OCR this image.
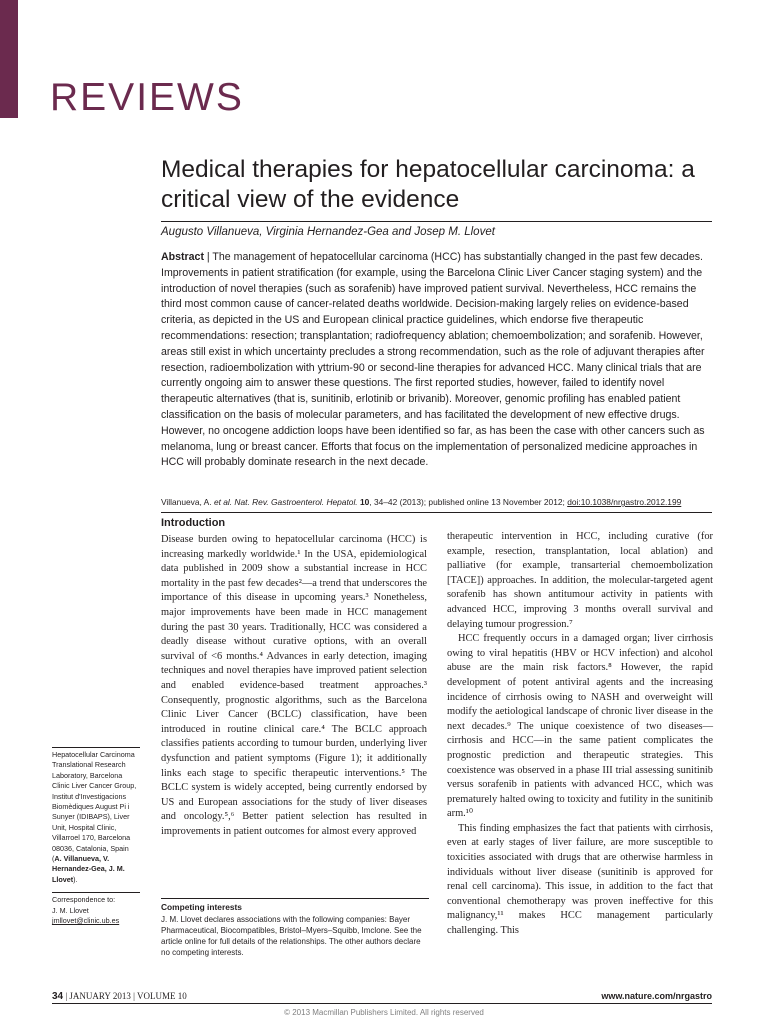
REVIEWS
Medical therapies for hepatocellular carcinoma: a critical view of the evidence
Augusto Villanueva, Virginia Hernandez-Gea and Josep M. Llovet

Abstract | The management of hepatocellular carcinoma (HCC) has substantially changed in the past few decades. Improvements in patient stratification (for example, using the Barcelona Clinic Liver Cancer staging system) and the introduction of novel therapies (such as sorafenib) have improved patient survival. Nevertheless, HCC remains the third most common cause of cancer-related deaths worldwide. Decision-making largely relies on evidence-based criteria, as depicted in the US and European clinical practice guidelines, which endorse five therapeutic recommendations: resection; transplantation; radiofrequency ablation; chemoembolization; and sorafenib. However, areas still exist in which uncertainty precludes a strong recommendation, such as the role of adjuvant therapies after resection, radioembolization with yttrium-90 or second-line therapies for advanced HCC. Many clinical trials that are currently ongoing aim to answer these questions. The first reported studies, however, failed to identify novel therapeutic alternatives (that is, sunitinib, erlotinib or brivanib). Moreover, genomic profiling has enabled patient classification on the basis of molecular parameters, and has facilitated the development of new effective drugs. However, no oncogene addiction loops have been identified so far, as has been the case with other cancers such as melanoma, lung or breast cancer. Efforts that focus on the implementation of personalized medicine approaches in HCC will probably dominate research in the next decade.

Villanueva, A. et al. Nat. Rev. Gastroenterol. Hepatol. 10, 34–42 (2013); published online 13 November 2012; doi:10.1038/nrgastro.2012.199
Introduction

Disease burden owing to hepatocellular carcinoma (HCC) is increasing markedly worldwide.¹ In the USA, epidemiological data published in 2009 show a substantial increase in HCC mortality in the past few decades²—a trend that underscores the importance of this disease in upcoming years.³ Nonetheless, major improvements have been made in HCC management during the past 30 years. Traditionally, HCC was considered a deadly disease without curative options, with an overall survival of <6 months.⁴ Advances in early detection, imaging techniques and novel therapies have improved patient selection and enabled evidence-based treatment approaches.³ Consequently, prognostic algorithms, such as the Barcelona Clinic Liver Cancer (BCLC) classification, have been introduced in routine clinical care.⁴ The BCLC approach classifies patients according to tumour burden, underlying liver dysfunction and patient symptoms (Figure 1); it additionally links each stage to specific therapeutic interventions.⁵ The BCLC system is widely accepted, being currently endorsed by US and European associations for the study of liver diseases and oncology.⁵,⁶ Better patient selection has resulted in improvements in patient outcomes for almost every approved

therapeutic intervention in HCC, including curative (for example, resection, transplantation, local ablation) and palliative (for example, transarterial chemoembolization [TACE]) approaches. In addition, the molecular-targeted agent sorafenib has shown antitumour activity in patients with advanced HCC, improving 3 months overall survival and delaying tumour progression.⁷

HCC frequently occurs in a damaged organ; liver cirrhosis owing to viral hepatitis (HBV or HCV infection) and alcohol abuse are the main risk factors.⁸ However, the rapid development of potent antiviral agents and the increasing incidence of cirrhosis owing to NASH and overweight will modify the aetiological landscape of chronic liver disease in the next decades.⁹ The unique coexistence of two diseases—cirrhosis and HCC—in the same patient complicates the prognostic prediction and therapeutic strategies. This coexistence was observed in a phase III trial assessing sunitinib versus sorafenib in patients with advanced HCC, which was prematurely halted owing to toxicity and futility in the sunitinib arm.¹⁰

This finding emphasizes the fact that patients with cirrhosis, even at early stages of liver failure, are more susceptible to toxicities associated with drugs that are otherwise harmless in individuals without liver disease (sunitinib is approved for renal cell carcinoma). This issue, in addition to the fact that conventional chemotherapy was proven ineffective for this malignancy,¹¹ makes HCC management particularly challenging. This

Competing interests
J. M. Llovet declares associations with the following companies: Bayer Pharmaceutical, Biocompatibles, Bristol–Myers–Squibb, Imclone. See the article online for full details of the relationships. The other authors declare no competing interests.
Hepatocellular Carcinoma Translational Research Laboratory, Barcelona Clinic Liver Cancer Group, Institut d'Investigacions Biomèdiques August Pi i Sunyer (IDIBAPS), Liver Unit, Hospital Clinic, Villarroel 170, Barcelona 08036, Catalonia, Spain (A. Villanueva, V. Hernandez-Gea, J. M. Llovet).
Correspondence to:
J. M. Llovet
jmllovet@clinic.ub.es
34 | JANUARY 2013 | VOLUME 10	www.nature.com/nrgastro
© 2013 Macmillan Publishers Limited. All rights reserved
